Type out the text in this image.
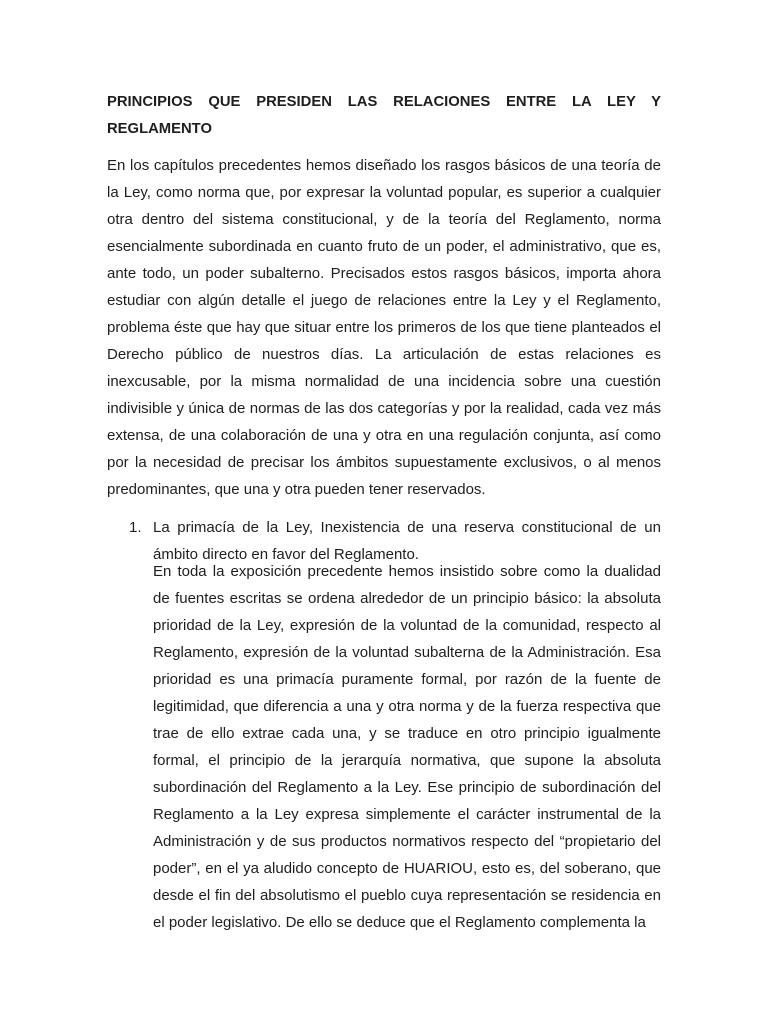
PRINCIPIOS QUE PRESIDEN LAS RELACIONES ENTRE LA LEY Y REGLAMENTO

En los capítulos precedentes hemos diseñado los rasgos básicos de una teoría de la Ley, como norma que, por expresar la voluntad popular, es superior a cualquier otra dentro del sistema constitucional, y de la teoría del Reglamento, norma esencialmente subordinada en cuanto fruto de un poder, el administrativo, que es, ante todo, un poder subalterno. Precisados estos rasgos básicos, importa ahora estudiar con algún detalle el juego de relaciones entre la Ley y el Reglamento, problema éste que hay que situar entre los primeros de los que tiene planteados el Derecho público de nuestros días. La articulación de estas relaciones es inexcusable, por la misma normalidad de una incidencia sobre una cuestión indivisible y única de normas de las dos categorías y por la realidad, cada vez más extensa, de una colaboración de una y otra en una regulación conjunta, así como por la necesidad de precisar los ámbitos supuestamente exclusivos, o al menos predominantes, que una y otra pueden tener reservados.

1. La primacía de la Ley, Inexistencia de una reserva constitucional de un ámbito directo en favor del Reglamento.

En toda la exposición precedente hemos insistido sobre como la dualidad de fuentes escritas se ordena alrededor de un principio básico: la absoluta prioridad de la Ley, expresión de la voluntad de la comunidad, respecto al Reglamento, expresión de la voluntad subalterna de la Administración. Esa prioridad es una primacía puramente formal, por razón de la fuente de legitimidad, que diferencia a una y otra norma y de la fuerza respectiva que trae de ello extrae cada una, y se traduce en otro principio igualmente formal, el principio de la jerarquía normativa, que supone la absoluta subordinación del Reglamento a la Ley. Ese principio de subordinación del Reglamento a la Ley expresa simplemente el carácter instrumental de la Administración y de sus productos normativos respecto del “propietario del poder”, en el ya aludido concepto de HUARIOU, esto es, del soberano, que desde el fin del absolutismo el pueblo cuya representación se residencia en el poder legislativo. De ello se deduce que el Reglamento complementa la
